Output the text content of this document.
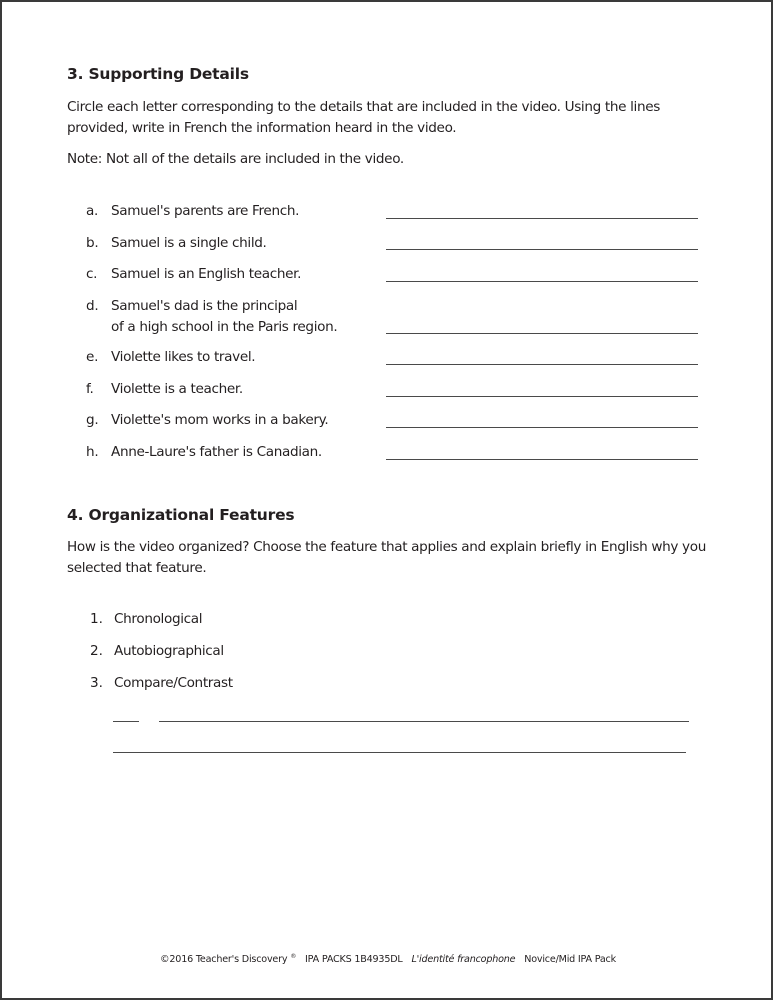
3. Supporting Details
Circle each letter corresponding to the details that are included in the video. Using the lines
provided, write in French the information heard in the video.
Note: Not all of the details are included in the video.
a. Samuel's parents are French.
b. Samuel is a single child.
c. Samuel is an English teacher.
d. Samuel's dad is the principal
of a high school in the Paris region.
e. Violette likes to travel.
f. Violette is a teacher.
g. Violette's mom works in a bakery.
h. Anne-Laure's father is Canadian.
4. Organizational Features
How is the video organized? Choose the feature that applies and explain briefly in English why you
selected that feature.
1. Chronological
2. Autobiographical
3. Compare/Contrast
©2016 Teacher's Discovery ® IPA PACKS 1B4935DL L'identité francophone Novice/Mid IPA Pack
